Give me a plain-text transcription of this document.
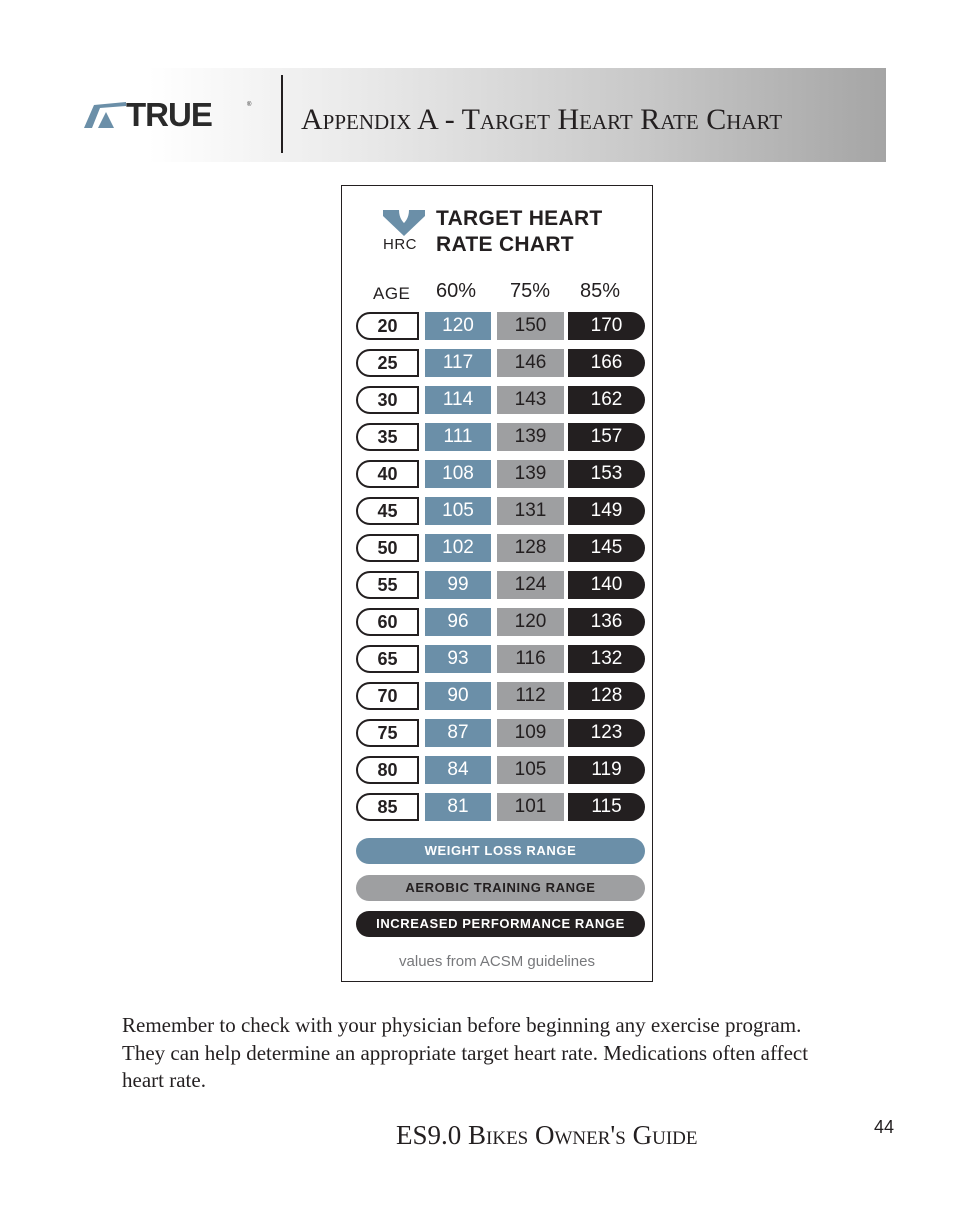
TRUE	® Appendix A - Target Heart Rate Chart
HRC
TARGET HEART
RATE CHART
AGE 60% 75% 85%
20	120	150	170
25	117	146	166
30	114	143	162
35	111	139	157
40	108	139	153
45	105	131	149
50	102	128	145
55	99	124	140
60	96	120	136
65	93	116	132
70	90	112	128
75	87	109	123
80	84	105	119
85	81	101	115
WEIGHT LOSS RANGE
AEROBIC TRAINING RANGE
INCREASED PERFORMANCE RANGE
values from ACSM guidelines
Remember to check with your physician before beginning any exercise program. They can help determine an appropriate target heart rate. Medications often affect heart rate.
ES9.0 Bikes Owner's Guide	44
